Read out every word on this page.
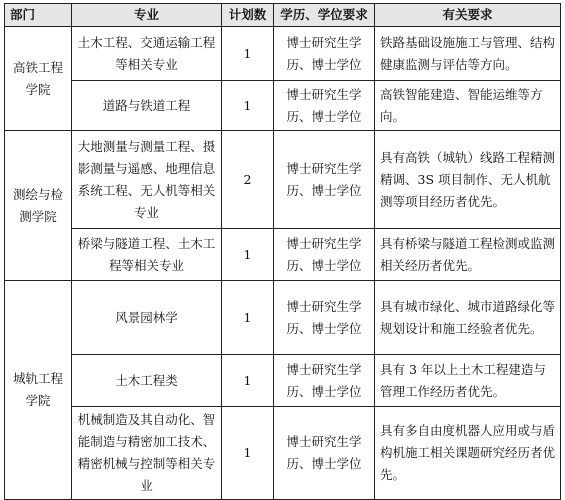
部门	专业	计划数	学历、学位要求	有关要求
高铁工程学院	土木工程、交通运输工程等相关专业	1	博士研究生学历、博士学位	铁路基础设施施工与管理、结构健康监测与评估等方向。
	道路与铁道工程	1	博士研究生学历、博士学位	高铁智能建造、智能运维等方向。
测绘与检测学院	大地测量与测量工程、摄影测量与遥感、地理信息系统工程、无人机等相关专业	2	博士研究生学历、博士学位	具有高铁（城轨）线路工程精测精调、3S 项目制作、无人机航测等项目经历者优先。
	桥梁与隧道工程、土木工程等相关专业	1	博士研究生学历、博士学位	具有桥梁与隧道工程检测或监测相关经历者优先。
城轨工程学院	风景园林学	1	博士研究生学历、博士学位	具有城市绿化、城市道路绿化等规划设计和施工经验者优先。
	土木工程类	1	博士研究生学历、博士学位	具有 3 年以上土木工程建造与管理工作经历者优先。
	机械制造及其自动化、智能制造与精密加工技术、精密机械与控制等相关专业	1	博士研究生学历、博士学位	具有多自由度机器人应用或与盾构机施工相关课题研究经历者优先。
